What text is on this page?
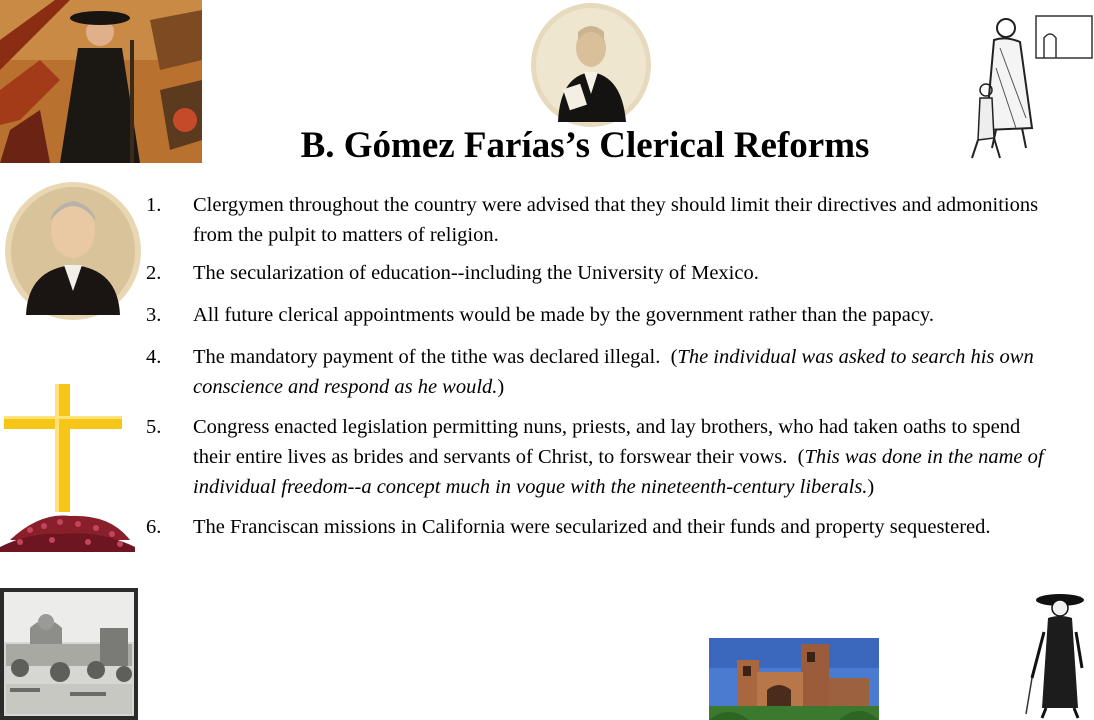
B. Gómez Farías’s Clerical Reforms
1. Clergymen throughout the country were advised that they should limit their directives and admonitions from the pulpit to matters of religion.
2. The secularization of education--including the University of Mexico.
3. All future clerical appointments would be made by the government rather than the papacy.
4. The mandatory payment of the tithe was declared illegal.  (The individual was asked to search his own conscience and respond as he would.)
5. Congress enacted legislation permitting nuns, priests, and lay brothers, who had taken oaths to spend their entire lives as brides and servants of Christ, to forswear their vows.  (This was done in the name of individual freedom--a concept much in vogue with the nineteenth-century liberals.)
6. The Franciscan missions in California were secularized and their funds and property sequestered.
